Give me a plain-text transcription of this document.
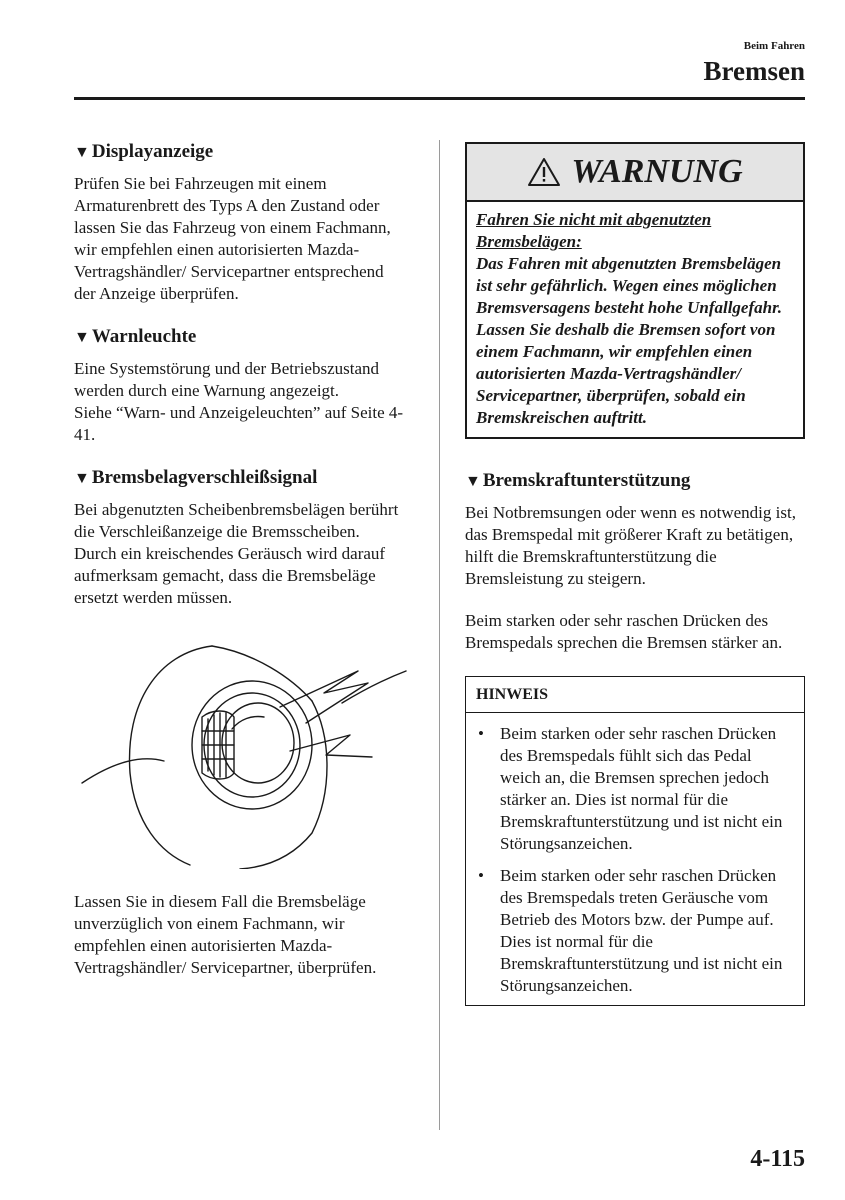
Beim Fahren
Bremsen
▼ Displayanzeige

Prüfen Sie bei Fahrzeugen mit einem Armaturenbrett des Typs A den Zustand oder lassen Sie das Fahrzeug von einem Fachmann, wir empfehlen einen autorisierten Mazda-Vertragshändler/ Servicepartner entsprechend der Anzeige überprüfen.

▼ Warnleuchte

Eine Systemstörung und der Betriebszustand werden durch eine Warnung angezeigt.

Siehe “Warn- und Anzeigeleuchten” auf Seite 4-41.

▼ Bremsbelagverschleißsignal

Bei abgenutzten Scheibenbremsbelägen berührt die Verschleißanzeige die Bremsscheiben. Durch ein kreischendes Geräusch wird darauf aufmerksam gemacht, dass die Bremsbeläge ersetzt werden müssen.

Lassen Sie in diesem Fall die Bremsbeläge unverzüglich von einem Fachmann, wir empfehlen einen autorisierten Mazda-Vertragshändler/ Servicepartner, überprüfen.

WARNUNG
Fahren Sie nicht mit abgenutzten Bremsbelägen:
Das Fahren mit abgenutzten Bremsbelägen ist sehr gefährlich. Wegen eines möglichen Bremsversagens besteht hohe Unfallgefahr. Lassen Sie deshalb die Bremsen sofort von einem Fachmann, wir empfehlen einen autorisierten Mazda-Vertragshändler/ Servicepartner, überprüfen, sobald ein Bremskreischen auftritt.
▼ Bremskraftunterstützung

Bei Notbremsungen oder wenn es notwendig ist, das Bremspedal mit größerer Kraft zu betätigen, hilft die Bremskraftunterstützung die Bremsleistung zu steigern.

Beim starken oder sehr raschen Drücken des Bremspedals sprechen die Bremsen stärker an.

HINWEIS
• Beim starken oder sehr raschen Drücken des Bremspedals fühlt sich das Pedal weich an, die Bremsen sprechen jedoch stärker an. Dies ist normal für die Bremskraftunterstützung und ist nicht ein Störungsanzeichen.
• Beim starken oder sehr raschen Drücken des Bremspedals treten Geräusche vom Betrieb des Motors bzw. der Pumpe auf. Dies ist normal für die Bremskraftunterstützung und ist nicht ein Störungsanzeichen.
4-115
